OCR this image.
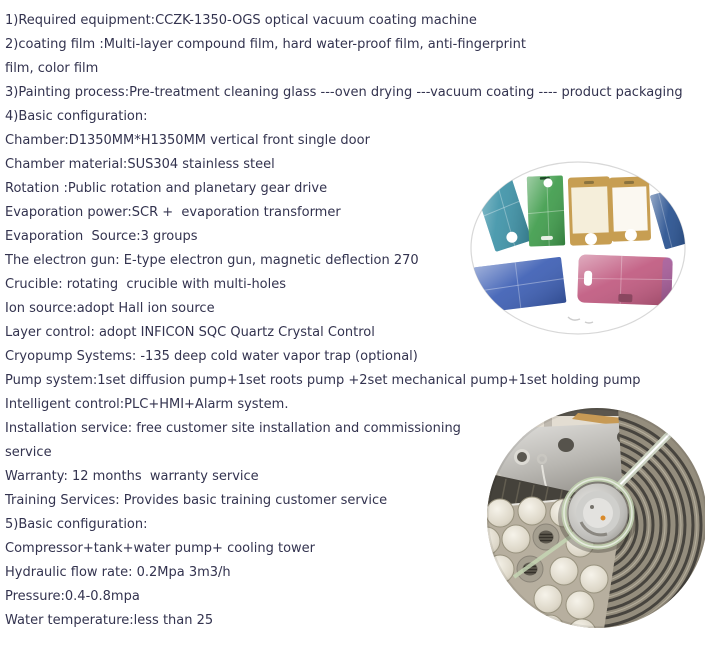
1)Required equipment:CCZK-1350-OGS optical vacuum coating machine
2)coating film :Multi-layer compound film, hard water-proof film, anti-fingerprint
film, color film
3)Painting process:Pre-treatment cleaning glass ---oven drying ---vacuum coating ---- product packaging
4)Basic configuration:
Chamber:D1350MM*H1350MM vertical front single door
Chamber material:SUS304 stainless steel
Rotation :Public rotation and planetary gear drive
Evaporation power:SCR +  evaporation transformer
Evaporation  Source:3 groups
The electron gun: E-type electron gun, magnetic deflection 270
Crucible: rotating  crucible with multi-holes
Ion source:adopt Hall ion source
Layer control: adopt INFICON SQC Quartz Crystal Control
Cryopump Systems: -135 deep cold water vapor trap (optional)
Pump system:1set diffusion pump+1set roots pump +2set mechanical pump+1set holding pump
Intelligent control:PLC+HMI+Alarm system.
Installation service: free customer site installation and commissioning
service
Warranty: 12 months  warranty service
Training Services: Provides basic training customer service
5)Basic configuration:
Compressor+tank+water pump+ cooling tower
Hydraulic flow rate: 0.2Mpa 3m3/h
Pressure:0.4-0.8mpa
Water temperature:less than 25
